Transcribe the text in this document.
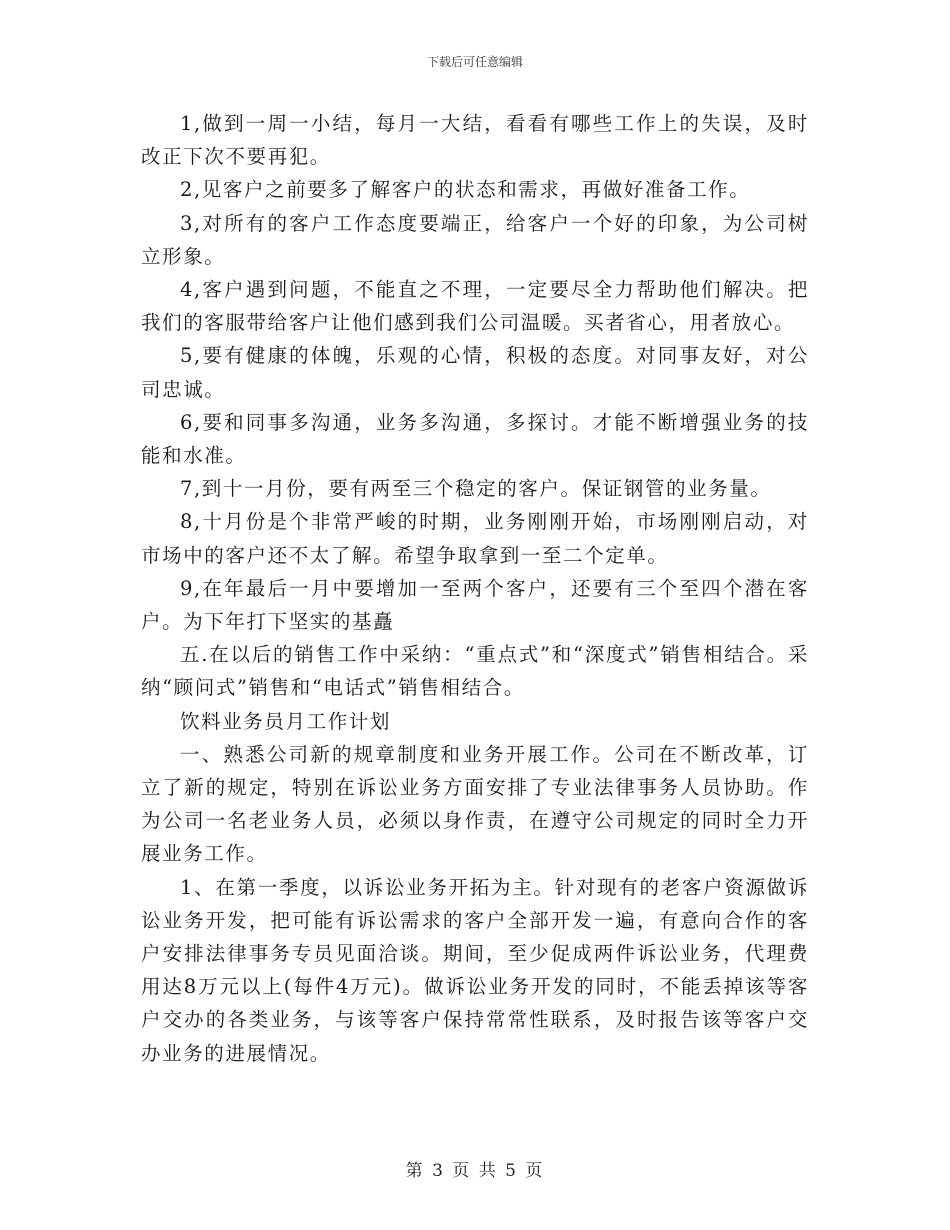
下载后可任意编辑

1,做到一周一小结，每月一大结，看看有哪些工作上的失误，及时改正下次不要再犯。

2,见客户之前要多了解客户的状态和需求，再做好准备工作。

3,对所有的客户工作态度要端正，给客户一个好的印象，为公司树立形象。

4,客户遇到问题，不能直之不理，一定要尽全力帮助他们解决。把我们的客服带给客户让他们感到我们公司温暖。买者省心，用者放心。

5,要有健康的体魄，乐观的心情，积极的态度。对同事友好，对公司忠诚。

6,要和同事多沟通，业务多沟通，多探讨。才能不断增强业务的技能和水准。

7,到十一月份，要有两至三个稳定的客户。保证钢管的业务量。

8,十月份是个非常严峻的时期，业务刚刚开始，市场刚刚启动，对市场中的客户还不太了解。希望争取拿到一至二个定单。

9,在年最后一月中要增加一至两个客户，还要有三个至四个潜在客户。为下年打下坚实的基矗

五.在以后的销售工作中采纳：“重点式”和“深度式”销售相结合。采纳“顾问式”销售和“电话式”销售相结合。

饮料业务员月工作计划

一、熟悉公司新的规章制度和业务开展工作。公司在不断改革，订立了新的规定，特别在诉讼业务方面安排了专业法律事务人员协助。作为公司一名老业务人员，必须以身作责，在遵守公司规定的同时全力开展业务工作。

1、在第一季度，以诉讼业务开拓为主。针对现有的老客户资源做诉讼业务开发，把可能有诉讼需求的客户全部开发一遍，有意向合作的客户安排法律事务专员见面洽谈。期间，至少促成两件诉讼业务，代理费用达8万元以上(每件4万元)。做诉讼业务开发的同时，不能丢掉该等客户交办的各类业务，与该等客户保持常常性联系，及时报告该等客户交办业务的进展情况。

第 3 页 共 5 页
